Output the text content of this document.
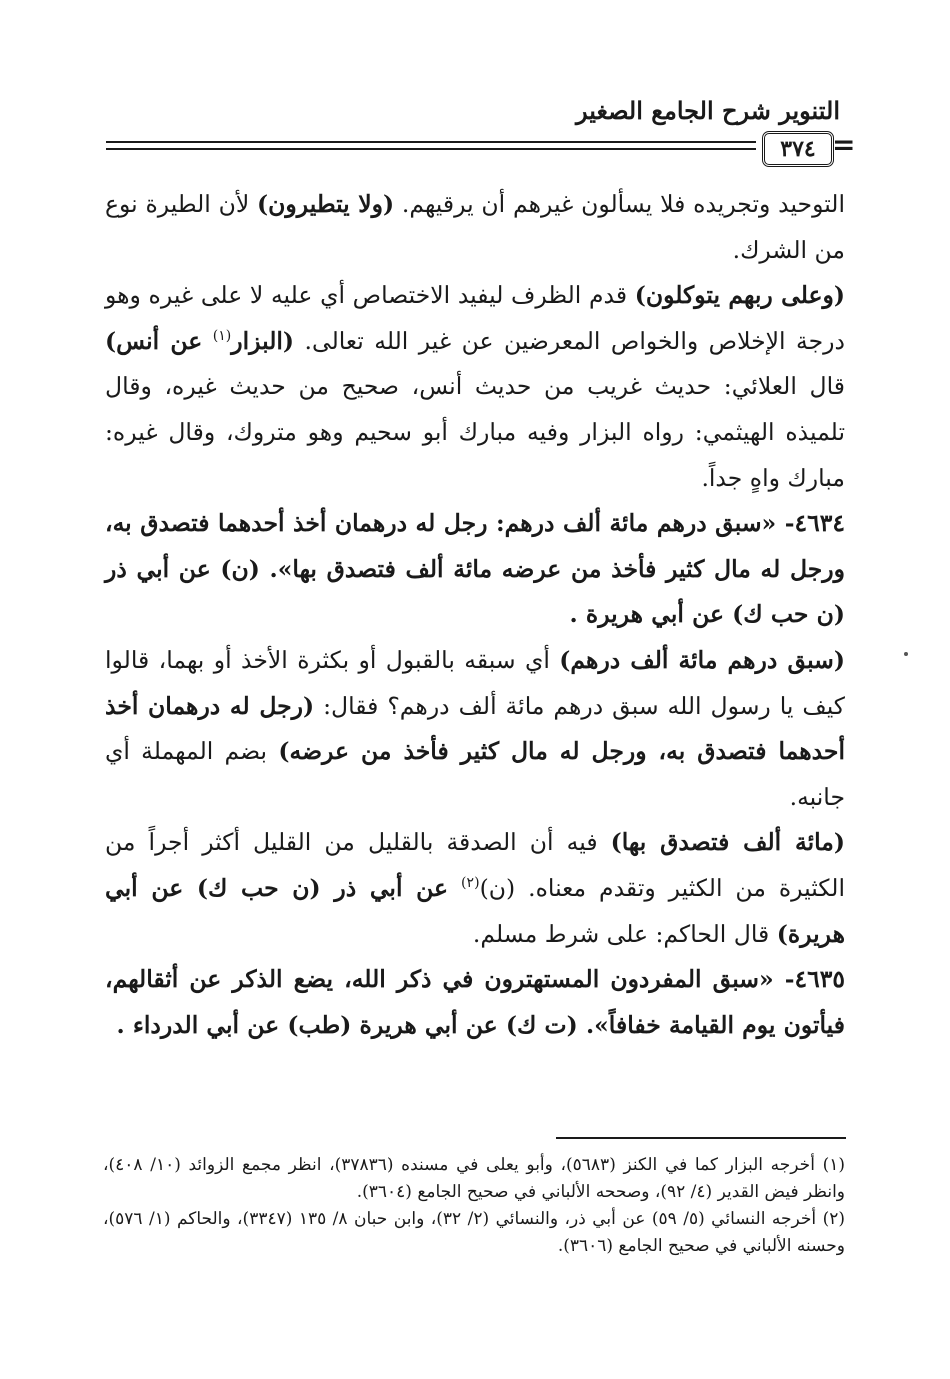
التنوير شرح الجامع الصغير
٣٧٤ =

التوحيد وتجريده فلا يسألون غيرهم أن يرقيهم. (ولا يتطيرون) لأن الطيرة نوع من الشرك.

(وعلى ربهم يتوكلون) قدم الظرف ليفيد الاختصاص أي عليه لا على غيره وهو درجة الإخلاص والخواص المعرضين عن غير الله تعالى. (البزار$^{(١)}$ عن أنس) قال العلائي: حديث غريب من حديث أنس، صحيح من حديث غيره، وقال تلميذه الهيثمي: رواه البزار وفيه مبارك أبو سحيم وهو متروك، وقال غيره: مبارك واهٍ جداً.

٤٦٣٤- «سبق درهم مائة ألف درهم: رجل له درهمان أخذ أحدهما فتصدق به، ورجل له مال كثير فأخذ من عرضه مائة ألف فتصدق بها». (ن) عن أبي ذر (ن حب ك) عن أبي هريرة .

(سبق درهم مائة ألف درهم) أي سبقه بالقبول أو بكثرة الأخذ أو بهما، قالوا كيف يا رسول الله سبق درهم مائة ألف درهم؟ فقال: (رجل له درهمان أخذ أحدهما فتصدق به، ورجل له مال كثير فأخذ من عرضه) بضم المهملة أي جانبه.

(مائة ألف فتصدق بها) فيه أن الصدقة بالقليل من القليل أكثر أجراً من الكثيرة من الكثير وتقدم معناه. (ن)$^{(٢)}$ عن أبي ذر (ن حب ك) عن أبي هريرة) قال الحاكم: على شرط مسلم.

٤٦٣٥- «سبق المفردون المستهترون في ذكر الله، يضع الذكر عن أثقالهم، فيأتون يوم القيامة خفافاً». (ت ك) عن أبي هريرة (طب) عن أبي الدرداء .

(١) أخرجه البزار كما في الكنز (٥٦٨٣)، وأبو يعلى في مسنده (٣٧٨٣٦)، انظر مجمع الزوائد (١٠/ ٤٠٨)، وانظر فيض القدير (٤/ ٩٢)، وصححه الألباني في صحيح الجامع (٣٦٠٤).

(٢) أخرجه النسائي (٥/ ٥٩) عن أبي ذر، والنسائي (٢/ ٣٢)، وابن حبان ٨/ ١٣٥ (٣٣٤٧)، والحاكم (١/ ٥٧٦)، وحسنه الألباني في صحيح الجامع (٣٦٠٦).
